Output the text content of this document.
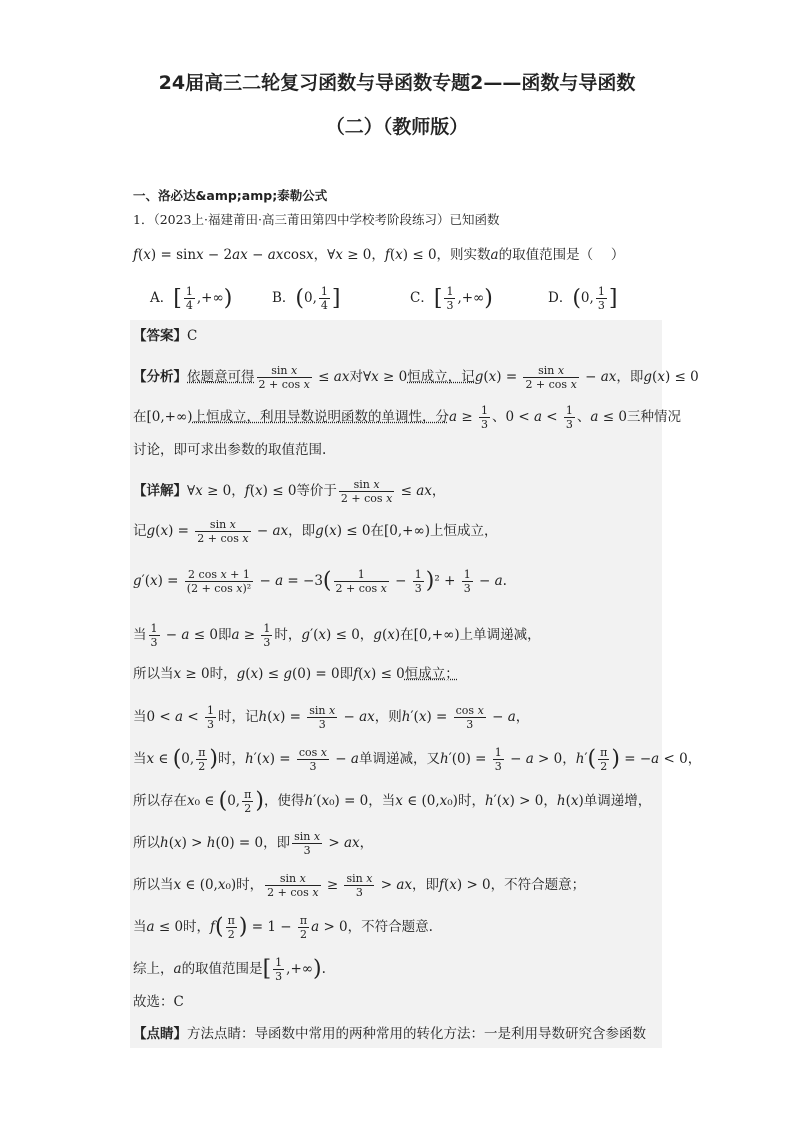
24届高三二轮复习函数与导函数专题2——函数与导函数
（二）（教师版）
一、洛必达&amp;amp;泰勒公式
1．（2023上·福建莆田·高三莆田第四中学校考阶段练习）已知函数
f(x) = sinx − 2ax − axcosx，∀x ≥ 0，f(x) ≤ 0，则实数a的取值范围是（　 ）
A．[ $\frac{1}{4}$ ,+∞)	B．(0, $\frac{1}{4}$ ]	C．[ $\frac{1}{3}$ ,+∞)	D．(0, $\frac{1}{3}$ ]
【答案】C
【分析】依题意可得 $\frac{\text{sin x}}{\text{2 + cos x}}$ ≤ ax对∀x ≥ 0恒成立，记$g(x) = \frac{\text{sin x}}{\text{2 + cos x}}$ − ax，即g(x) ≤ 0
在[0,+∞)上恒成立，利用导数说明函数的单调性，分$a \ge \frac{1}{3}$ 、$0 < a < \frac{1}{3}$ 、a ≤ 0三种情况
讨论，即可求出参数的取值范围.
【详解】∀x ≥ 0，f(x) ≤ 0等价于 $\frac{\text{sin x}}{\text{2 + cos x}}$ ≤ ax，
记$g(x) = \frac{\text{sin x}}{\text{2 + cos x}}$ − ax，即g(x) ≤ 0在[0,+∞)上恒成立，
$g'(x) = \frac{\text{2 cos x + 1}}{\text{(2 + cos x)²}} - a = -3( \frac{1}{\text{2 + cos x}} - \frac{1}{3} )^2 + \frac{1}{3} - a$.
当 $\frac{1}{3} - a \le 0$即$a \ge \frac{1}{3}$ 时，g′(x) ≤ 0，g(x)在[0,+∞)上单调递减，
所以当x ≥ 0时，g(x) ≤ g(0) = 0即f(x) ≤ 0恒成立；
当$0 < a < \frac{1}{3}$ 时，记$h(x) = \frac{\text{sin x}}{3}$ − ax，则$h'(x) = \frac{\text{cos x}}{3} - a$，
当x ∈ (0, $\frac{\pi}{2}$ )时，$h'(x) = \frac{\text{cos x}}{3} - a$单调递减，又$h'(0) = \frac{1}{3} - a > 0$，$h'( \frac{\pi}{2}$ ) = −a < 0，
所以存在x₀ ∈ (0, $\frac{\pi}{2}$ )，使得h′(x₀) = 0，当x ∈ (0,x₀)时，h′(x) > 0，h(x)单调递增，
所以h(x) > h(0) = 0，即 $\frac{\text{sin x}}{3}$ > ax，
所以当x ∈ (0,x₀)时， $\frac{\text{sin x}}{\text{2 + cos x}} \ge \frac{\text{sin x}}{3}$ > ax，即f(x) > 0，不符合题意；
当a ≤ 0时，$f( \frac{\pi}{2}$ ) = $1 - \frac{\pi}{2}$ a > 0，不符合题意.
综上，a的取值范围是[ $\frac{1}{3}$ ,+∞).
故选：C
【点睛】方法点睛：导函数中常用的两种常用的转化方法：一是利用导数研究含参函数
